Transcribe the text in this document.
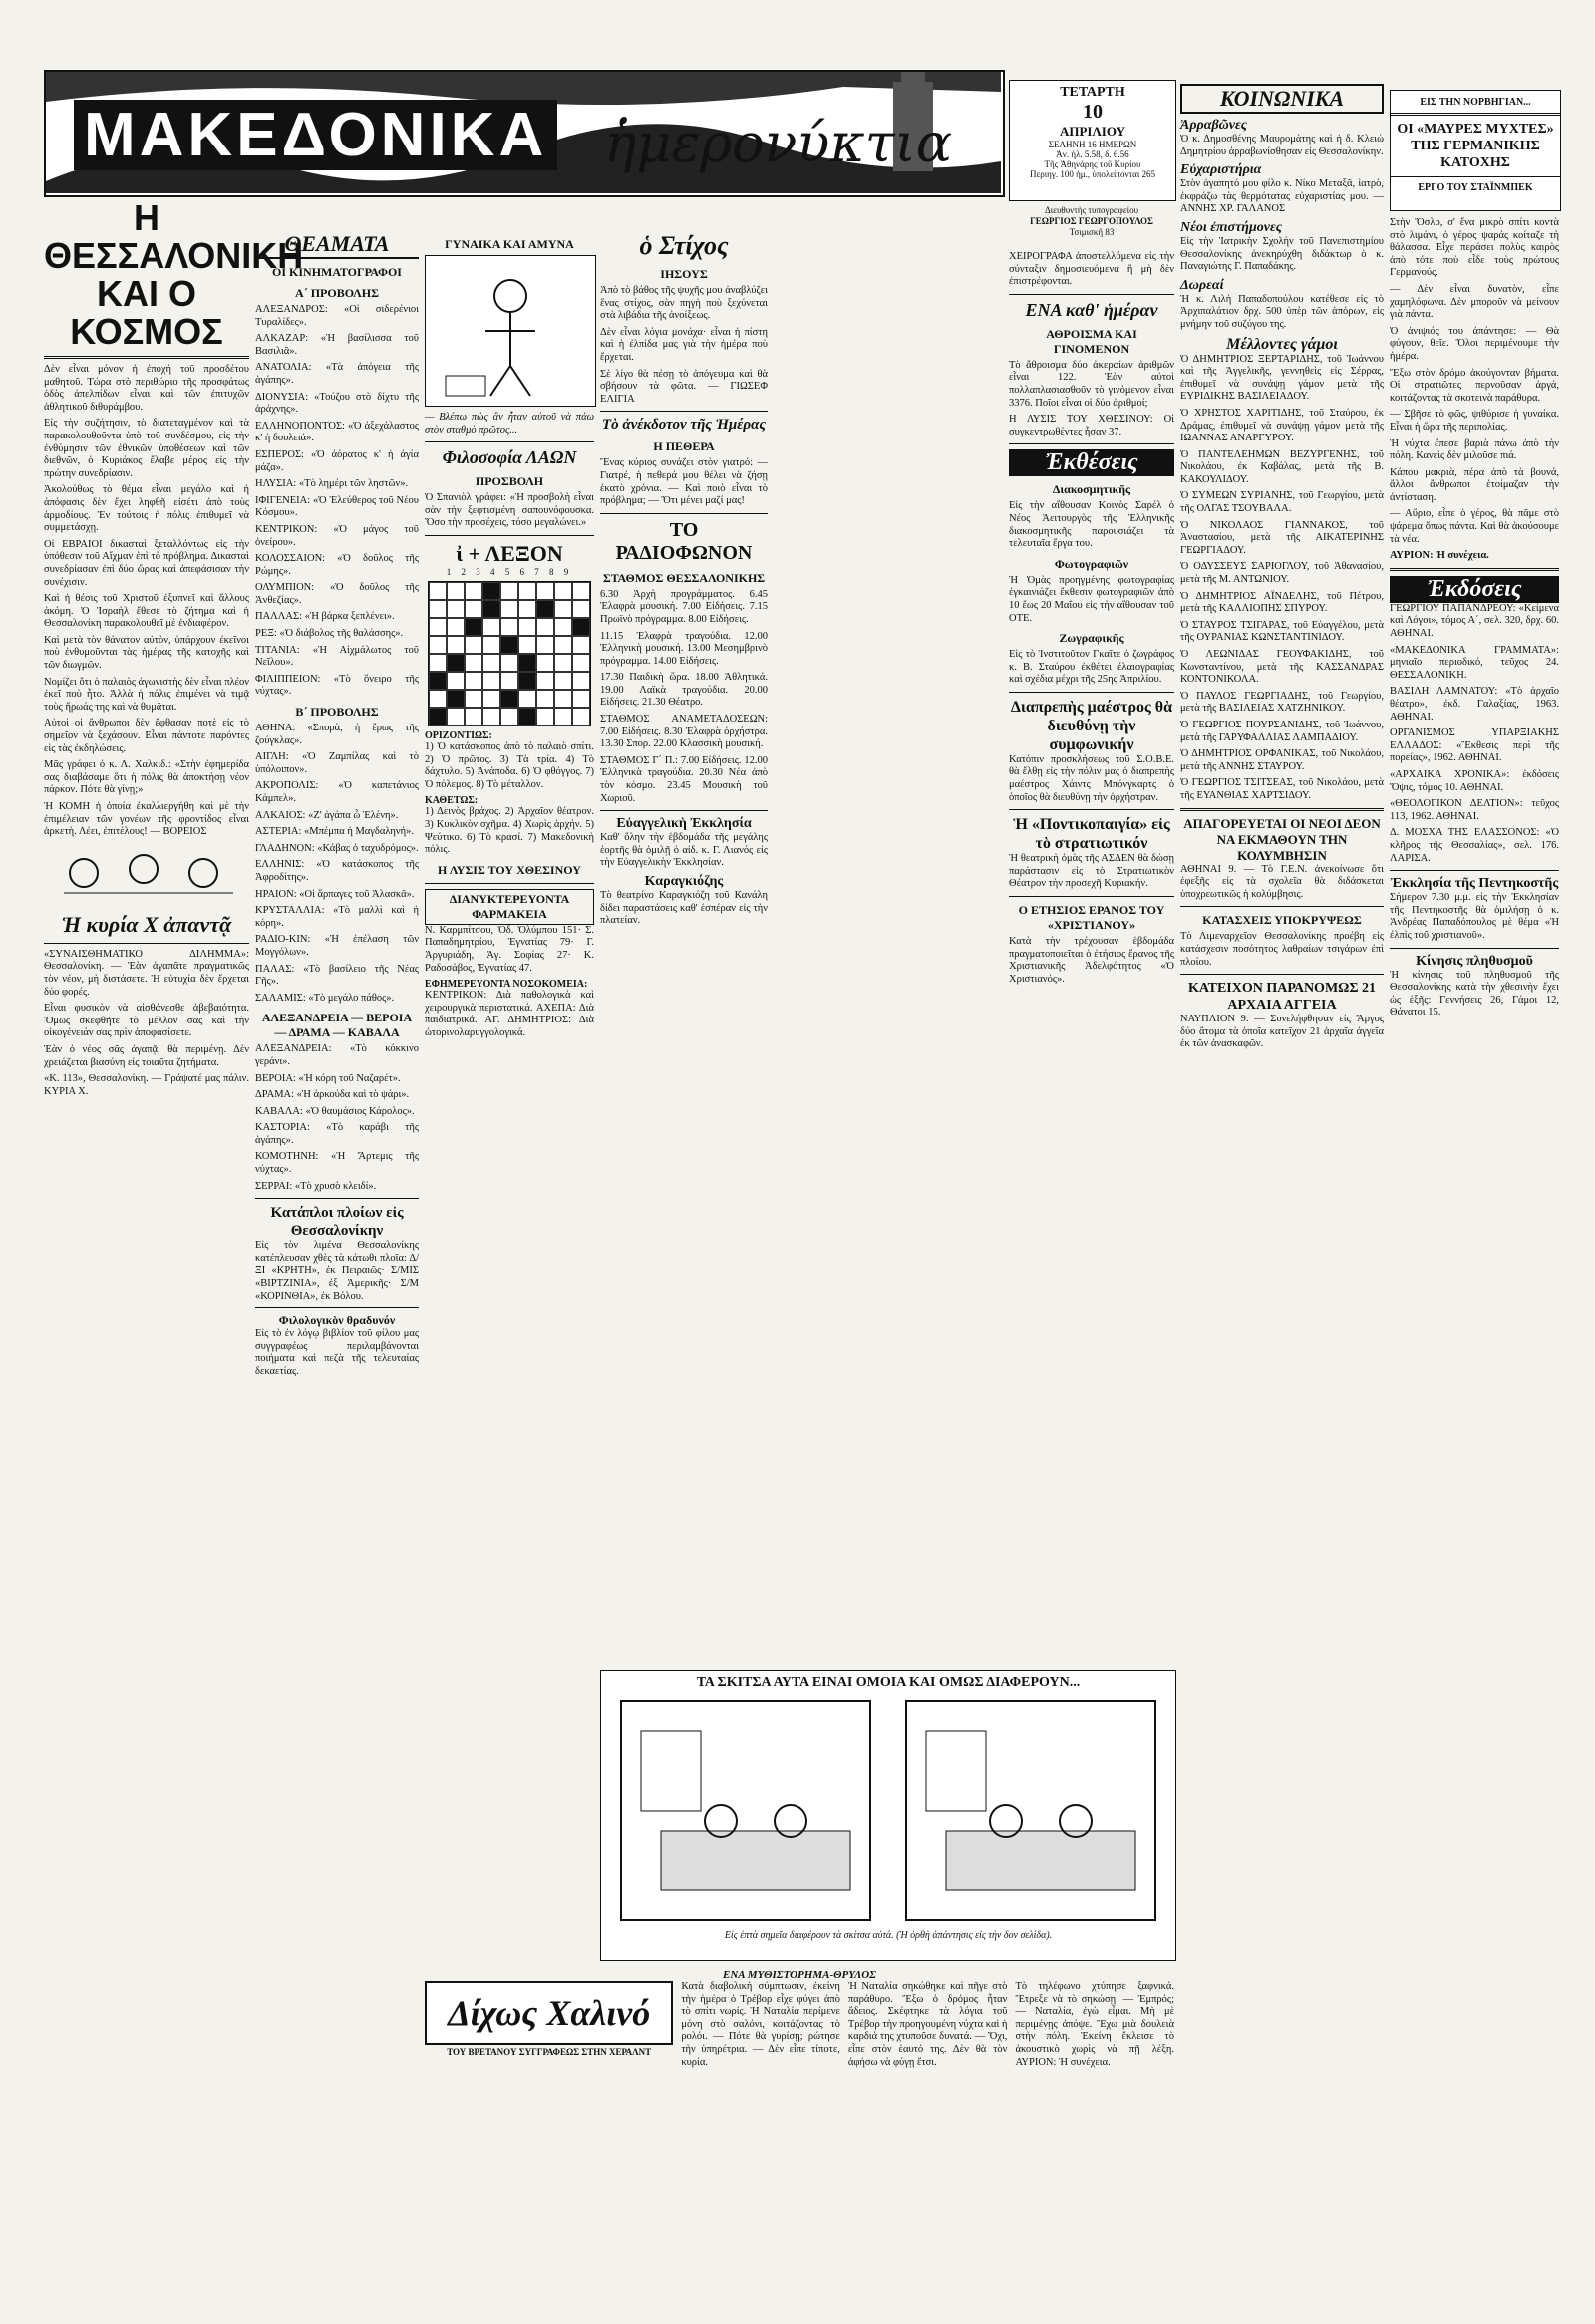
ΜΑΚΕΔΟΝΙΚΑ ἡμερονύκτια
ΤΕΤΑΡΤΗ
10
ΑΠΡΙΛΙΟΥ
ΣΕΛΗΝΗ 16 ΗΜΕΡΩΝ
Ἀν. ἡλ. 5.58, δ. 6.56
Τῆς Ἀθηνάρης τοῦ Κυρίου
Περιηγ. 100 ἡμ., ὑπολείπονται 265
Διευθυντὴς τυπογραφείου
ΓΕΩΡΓΙΟΣ ΓΕΩΡΓΟΠΟΥΛΟΣ
Τσιμισκῆ 83
ΕΙΣ ΤΗΝ ΝΟΡΒΗΓΙΑΝ...
ΟΙ «ΜΑΥΡΕΣ ΜΥΧΤΕΣ» ΤΗΣ ΓΕΡΜΑΝΙΚΗΣ ΚΑΤΟΧΗΣ
ΕΡΓΟ ΤΟΥ ΣΤΑΪΝΜΠΕΚ
Η ΘΕΣΣΑΛΟΝΙΚΗ ΚΑΙ Ο ΚΟΣΜΟΣ

Δὲν εἶναι μόνον ἡ ἐποχή τοῦ προσδέτου μαθητοῦ. Τώρα στὸ περιθώριο τῆς προσφάτως ὁδὸς ἀπελπίδων εἶναι καὶ τῶν ἐπιτυχῶν ἀθλητικοῦ διθυράμβου.

Εἰς τὴν συζήτησιν, τὸ διατεταγμένον καὶ τὰ παρακολουθοῦντα ὑπὸ τοῦ συνδέσμου, εἰς τὴν ἐνθύμησιν τῶν ἐθνικῶν ὑποθέσεων καὶ τῶν διεθνῶν, ὁ Κυριάκος ἔλαβε μέρος εἰς τὴν πρώτην συνεδρίασιν.

Ἀκολούθως τὸ θέμα εἶναι μεγάλο καὶ ἡ ἀπόφασις δὲν ἔχει ληφθῆ εἰσέτι ἀπὸ τοὺς ἁρμοδίους. Ἐν τούτοις ἡ πόλις ἐπιθυμεῖ νὰ συμμετάσχῃ.

Οἱ ΕΒΡΑΙΟΙ δικασταὶ ξεταλλόντως εἰς τὴν ὑπόθεσιν τοῦ Αἴχμαν ἐπὶ τὸ πρόβλημα. Δικασταὶ συνεδρίασαν ἐπὶ δύο ὥρας καὶ ἀπεφάσισαν τὴν συνέχισιν.

Καὶ ἡ θέσις τοῦ Χριστοῦ ἐξυπνεῖ καὶ ἄλλους ἀκόμη. Ὁ Ἰσραὴλ ἔθεσε τὸ ζήτημα καὶ ἡ Θεσσαλονίκη παρακολουθεῖ μὲ ἐνδιαφέρον.

Καὶ μετὰ τὸν θάνατον αὐτὸν, ὑπάρχουν ἐκεῖνοι ποὺ ἐνθυμοῦνται τὰς ἡμέρας τῆς κατοχῆς καὶ τῶν διωγμῶν.

Νομίζει ὅτι ὁ παλαιὸς ἀγωνιστὴς δὲν εἶναι πλέον ἐκεῖ ποὺ ἦτο. Ἀλλὰ ἡ πόλις ἐπιμένει νὰ τιμᾷ τοὺς ἥρωάς της καὶ νὰ θυμᾶται.

Αὐτοὶ οἱ ἄνθρωποι δὲν ἔφθασαν ποτὲ εἰς τὸ σημεῖον νὰ ξεχάσουν. Εἶναι πάντοτε παρόντες εἰς τὰς ἐκδηλώσεις.

Μᾶς γράφει ὁ κ. Λ. Χαλκιδ.: «Στὴν ἐφημερίδα σας διαβάσαμε ὅτι ἡ πόλις θὰ ἀποκτήσῃ νέον πάρκον. Πότε θὰ γίνῃ;»

Ἡ ΚΟΜΗ ἡ ὁποία ἐκαλλιεργήθη καὶ μὲ τὴν ἐπιμέλειαν τῶν γονέων τῆς φροντίδος εἶναι ἀρκετὴ. Λέει, ἐπιτέλους! — ΒΟΡΕΙΟΣ

Ἡ κυρία Χ ἀπαντᾷ

«ΣΥΝΑΙΣΘΗΜΑΤΙΚΟ ΔΙΛΗΜΜΑ»: Θεσσαλονίκη. — Ἐὰν ἀγαπᾶτε πραγματικῶς τὸν νέον, μὴ διστάσετε. Ἡ εὐτυχία δὲν ἔρχεται δύο φορές.

Εἶναι φυσικὸν νὰ αἰσθάνεσθε ἀβεβαιότητα. Ὅμως σκεφθῆτε τὸ μέλλον σας καὶ τὴν οἰκογένειάν σας πρὶν ἀποφασίσετε.

Ἐὰν ὁ νέος σᾶς ἀγαπᾷ, θὰ περιμένῃ. Δὲν χρειάζεται βιασύνη εἰς τοιαῦτα ζητήματα.

«Κ. 113», Θεσσαλονίκη. — Γράψατέ μας πάλιν. ΚΥΡΙΑ Χ.

ΘΕΑΜΑΤΑ
ΟΙ ΚΙΝΗΜΑΤΟΓΡΑΦΟΙ
Α΄ ΠΡΟΒΟΛΗΣ

ΑΛΕΞΑΝΔΡΟΣ: «Οἱ σιδερένιοι Τυραλίδες».

ΑΛΚΑΖΑΡ: «Ἡ βασίλισσα τοῦ Βασιλιᾶ».

ΑΝΑΤΟΛΙΑ: «Τὰ ἀπόγεια τῆς ἀγάπης».

ΔΙΟΝΥΣΙΑ: «Τούζου στὸ δίχτυ τῆς ἀράχνης».

ΕΛΛΗΝΟΠΟΝΤΟΣ: «Ὁ ἀξεχάλαστος κ' ἡ δουλειά».

ΕΣΠΕΡΟΣ: «Ὁ ἀόρατος κ' ἡ ἀγία μάζα».

ΗΛΥΣΙΑ: «Τὸ λημέρι τῶν ληστῶν».

ΙΦΙΓΕΝΕΙΑ: «Ὁ Ἐλεύθερος τοῦ Νέου Κόσμου».

ΚΕΝΤΡΙΚΟΝ: «Ὁ μάγος τοῦ ὀνείρου».

ΚΟΛΟΣΣΑΙΟΝ: «Ὁ δοῦλος τῆς Ρώμης».

ΟΛΥΜΠΙΟΝ: «Ὁ δοῦλος τῆς Ἀνθεζίας».

ΠΑΛΛΑΣ: «Ἡ βάρκα ξεπλένει».

ΡΕΞ: «Ὁ διάβολος τῆς θαλάσσης».

ΤΙΤΑΝΙΑ: «Ἡ Αἰχμάλωτος τοῦ Νεῖλου».

ΦΙΛΙΠΠΕΙΟΝ: «Τὸ ὄνειρο τῆς νύχτας».

Β΄ ΠΡΟΒΟΛΗΣ

ΑΘΗΝΑ: «Σπορὰ, ἡ ἔρως τῆς ζούγκλας».

ΑΙΓΛΗ: «Ὁ Ζαμπίλας καὶ τὸ ὑπόλοιπον».

ΑΚΡΟΠΟΛΙΣ: «Ὁ καπετάνιος Κάμπελ».

ΑΛΚΑΙΟΣ: «Ζ' ἀγάπα ὦ Ἐλένη».

ΑΣΤΕΡΙΑ: «Μπέμπα ἡ Μαγδαληνή».

ΓΛΑΔΗΝΟΝ: «Κάβας ὁ ταχυδρόμος».

ΕΛΛΗΝΙΣ: «Ὁ κατάσκοπος τῆς Ἀφροδίτης».

ΗΡΑΙΟΝ: «Οἱ ἅρπαγες τοῦ Ἀλασκᾶ».

ΚΡΥΣΤΑΛΛΙΑ: «Τὸ μαλλὶ καὶ ἡ κόρη».

ΡΑΔΙΟ-ΚΙΝ: «Ἡ ἐπέλαση τῶν Μογγόλων».

ΠΑΛΑΣ: «Τὸ βασίλειο τῆς Νέας Γῆς».

ΣΑΛΑΜΙΣ: «Τὸ μεγάλο πάθος».

ΑΛΕΞΑΝΔΡΕΙΑ — ΒΕΡΟΙΑ — ΔΡΑΜΑ — ΚΑΒΑΛΑ

ΑΛΕΞΑΝΔΡΕΙΑ: «Τὸ κόκκινο γεράνι».

ΒΕΡΟΙΑ: «Ἡ κόρη τοῦ Ναζαρέτ».

ΔΡΑΜΑ: «Ἡ ἀρκούδα καὶ τὸ ψάρι».

ΚΑΒΑΛΑ: «Ὁ θαυμάσιος Κάρολος».

ΚΑΣΤΟΡΙΑ: «Τὸ καράβι τῆς ἀγάπης».

ΚΟΜΟΤΗΝΗ: «Ἡ Ἄρτεμις τῆς νύχτας».

ΣΕΡΡΑΙ: «Τὸ χρυσὸ κλειδί».

Κατάπλοι πλοίων εἰς Θεσσαλονίκην

Εἰς τὸν λιμένα Θεσσαλονίκης κατέπλευσαν χθὲς τὰ κάτωθι πλοῖα: Δ/ΞΙ «ΚΡΗΤΗ», ἐκ Πειραιῶς· Σ/ΜΙΣ «ΒΙΡΤΖΙΝΙΑ», ἐξ Ἀμερικῆς· Σ/Μ «ΚΟΡΙΝΘΙΑ», ἐκ Βόλου.

Φιλολογικὸν θραδυνόν

Εἰς τὸ ἐν λόγῳ βιβλίον τοῦ φίλου μας συγγραφέως περιλαμβάνονται ποιήματα καὶ πεζὰ τῆς τελευταίας δεκαετίας.

ΓΥΝΑΙΚΑ ΚΑΙ ΑΜΥΝΑ

— Βλέπω πὼς ἂν ἦταν αὐτοῦ νὰ πάω στὸν σταθμὸ πρῶτος...

Φιλοσοφία ΛΑΩΝ
ΠΡΟΣΒΟΛΗ

Ὁ Σπανιὸλ γράφει: «Ἡ προσβολὴ εἶναι σὰν τὴν ξεφτισμένη σαπουνόφουσκα. Ὅσο τὴν προσέχεις, τόσο μεγαλώνει.»

ἰ + ΛΕΞΟΝ
1 2 3 4 5 6 7 8 9
ΟΡΙΖΟΝΤΙΩΣ:

1) Ὁ κατάσκοπος ἀπὸ τὸ παλαιὸ σπίτι. 2) Ὁ πρῶτος. 3) Τὰ τρία. 4) Τὸ δάχτυλο. 5) Ἀνάποδα. 6) Ὁ φθόγγος. 7) Ὁ πόλεμος. 8) Τὸ μέταλλον.

ΚΑΘΕΤΩΣ:

1) Δεινὸς βράχος. 2) Ἀρχαῖον θέατρον. 3) Κυκλικὸν σχῆμα. 4) Χωρὶς ἀρχήν. 5) Ψεύτικο. 6) Τὸ κρασί. 7) Μακεδονικὴ πόλις.

Η ΛΥΣΙΣ ΤΟΥ ΧΘΕΣΙΝΟΥ
ΔΙΑΝΥΚΤΕΡΕΥΟΝΤΑ ΦΑΡΜΑΚΕΙΑ

Ν. Καρμπίτσου, Ὁδ. Ὀλύμπου 151· Σ. Παπαδημητρίου, Ἐγνατίας 79· Γ. Ἀργυριάδη, Ἀγ. Σοφίας 27· Κ. Ραδοσάβος, Ἐγνατίας 47.

ΕΦΗΜΕΡΕΥΟΝΤΑ ΝΟΣΟΚΟΜΕΙΑ:

ΚΕΝΤΡΙΚΟΝ: Διὰ παθολογικὰ καὶ χειρουργικὰ περιστατικά. ΑΧΕΠΑ: Διὰ παιδιατρικά. ΑΓ. ΔΗΜΗΤΡΙΟΣ: Διὰ ὠτορινολαρυγγολογικά.

ὁ Στίχος
ΙΗΣΟΥΣ

Ἀπὸ τὸ βάθος τῆς ψυχῆς μου ἀναβλύζει ἕνας στίχος, σὰν πηγὴ ποὺ ξεχύνεται στὰ λιβάδια τῆς ἀνοίξεως.

Δὲν εἶναι λόγια μονάχα· εἶναι ἡ πίστη καὶ ἡ ἐλπίδα μας γιὰ τὴν ἡμέρα ποὺ ἔρχεται.

Σὲ λίγο θὰ πέσῃ τὸ ἀπόγευμα καὶ θὰ σβήσουν τὰ φῶτα. — ΓΙΩΣΕΦ ΕΛΙΓΙΑ

Τὸ ἀνέκδοτον τῆς Ἡμέρας
Η ΠΕΘΕΡΑ

Ἕνας κύριος συνάζει στὸν γιατρό: — Γιατρέ, ἡ πεθερά μου θέλει νὰ ζήσῃ ἑκατὸ χρόνια. — Καὶ ποιὸ εἶναι τὸ πρόβλημα; — Ὅτι μένει μαζί μας!

ΤΟ ΡΑΔΙΟΦΩΝΟΝ
ΣΤΑΘΜΟΣ ΘΕΣΣΑΛΟΝΙΚΗΣ

6.30 Ἀρχὴ προγράμματος. 6.45 Ἐλαφρὰ μουσική. 7.00 Εἰδήσεις. 7.15 Πρωϊνὸ πρόγραμμα. 8.00 Εἰδήσεις.

11.15 Ἐλαφρὰ τραγούδια. 12.00 Ἐλληνικὴ μουσική. 13.00 Μεσημβρινὸ πρόγραμμα. 14.00 Εἰδήσεις.

17.30 Παιδικὴ ὥρα. 18.00 Ἀθλητικά. 19.00 Λαϊκὰ τραγούδια. 20.00 Εἰδήσεις. 21.30 Θέατρο.

ΣΤΑΘΜΟΣ ΑΝΑΜΕΤΑΔΟΣΕΩΝ: 7.00 Εἰδήσεις. 8.30 Ἐλαφρὰ ὀρχήστρα. 13.30 Σπορ. 22.00 Κλασσικὴ μουσική.

ΣΤΑΘΜΟΣ Γ΄ Π.: 7.00 Εἰδήσεις. 12.00 Ἐλληνικὰ τραγούδια. 20.30 Νέα ἀπὸ τὸν κόσμο. 23.45 Μουσικὴ τοῦ Χωριοῦ.

Εὐαγγελικὴ Ἐκκλησία

Καθ' ὅλην τὴν ἑβδομάδα τῆς μεγάλης ἑορτῆς θὰ ὁμιλῇ ὁ αἰδ. κ. Γ. Λιανός εἰς τὴν Εὐαγγελικὴν Ἐκκλησίαν.

Καραγκιόζης

Τὸ θεατρίνο Καραγκιόζη τοῦ Κανάλη δίδει παραστάσεις καθ' ἑσπέραν εἰς τὴν πλατείαν.

ΧΕΙΡΟΓΡΑΦΑ ἀποστελλόμενα εἰς τὴν σύνταξιν δημοσιευόμενα ἢ μὴ δὲν ἐπιστρέφονται.

ΕΝΑ καθ' ἡμέραν
ΑΘΡΟΙΣΜΑ ΚΑΙ ΓΙΝΟΜΕΝΟΝ

Τὸ ἄθροισμα δύο ἀκεραίων ἀριθμῶν εἶναι 122. Ἐὰν αὐτοὶ πολλαπλασιασθοῦν τὸ γινόμενον εἶναι 3376. Ποῖοι εἶναι οἱ δύο ἀριθμοί;

Η ΛΥΣΙΣ ΤΟΥ ΧΘΕΣΙΝΟΥ: Οἱ συγκεντρωθέντες ἦσαν 37.

Ἐκθέσεις
Διακοσμητικῆς

Εἰς τὴν αἴθουσαν Κοινὸς Σαρέλ ὁ Νέος Ἀειτουργὸς τῆς Ἐλληνικῆς διακοσμητικῆς παρουσιάζει τὰ τελευταῖα ἔργα του.

Φωτογραφιῶν

Ἡ Ὁμὰς προηγμένης φωτογραφίας ἐγκαινιάζει ἔκθεσιν φωτογραφιῶν ἀπὸ 10 ἕως 20 Μαΐου εἰς τὴν αἴθουσαν τοῦ ΟΤΕ.

Ζωγραφικῆς

Εἰς τὸ Ἱνστιτοῦτον Γκαῖτε ὁ ζωγράφος κ. Β. Σταύρου ἐκθέτει ἐλαιογραφίας καὶ σχέδια μέχρι τῆς 25ης Ἀπριλίου.

Διαπρεπὴς μαέστρος θὰ διευθύνῃ τὴν συμφωνικήν

Κατόπιν προσκλήσεως τοῦ Σ.Ο.Β.Ε. θὰ ἔλθῃ εἰς τὴν πόλιν μας ὁ διαπρεπὴς μαέστρος Χάιντς Μπόνγκαρτς ὁ ὁποῖος θὰ διευθύνῃ τὴν ὀρχήστραν.

Ἡ «Ποντικοπαιγία» εἰς τὸ στρατιωτικόν

Ἡ θεατρικὴ ὁμὰς τῆς ΑΣΔΕΝ θὰ δώσῃ παράστασιν εἰς τὸ Στρατιωτικὸν Θέατρον τὴν προσεχῆ Κυριακήν.

Ο ΕΤΗΣΙΟΣ ΕΡΑΝΟΣ ΤΟΥ «ΧΡΙΣΤΙΑΝΟΥ»

Κατὰ τὴν τρέχουσαν ἑβδομάδα πραγματοποιεῖται ὁ ἐτήσιος ἔρανος τῆς Χριστιανικῆς Ἀδελφότητος «Ὁ Χριστιανός».

ΚΟΙΝΩΝΙΚΑ
Ἀρραβῶνες

Ὁ κ. Δημοσθένης Μαυρομάτης καὶ ἡ δ. Κλειώ Δημητρίου ἀρραβωνίσθησαν εἰς Θεσσαλονίκην.

Εὐχαριστήρια

Στὸν ἀγαπητό μου φίλο κ. Νίκο Μεταξᾶ, ἰατρὸ, ἐκφράζω τὰς θερμότατας εὐχαριστίας μου. — ΑΝΝΗΣ ΧΡ. ΓΑΛΑΝΟΣ

Νέοι ἐπιστήμονες

Εἰς τὴν Ἰατρικὴν Σχολὴν τοῦ Πανεπιστημίου Θεσσαλονίκης ἀνεκηρύχθη διδάκτωρ ὁ κ. Παναγιώτης Γ. Παπαδάκης.

Δωρεαί

Ἡ κ. Λιλὴ Παπαδοπούλου κατέθεσε εἰς τὸ Ἀρχιπαλάτιον δρχ. 500 ὑπὲρ τῶν ἀπόρων, εἰς μνήμην τοῦ συζύγου της.

Μέλλοντες γάμοι

Ὁ ΔΗΜΗΤΡΙΟΣ ΞΕΡΤΑΡΙΔΗΣ, τοῦ Ἰωάννου καὶ τῆς Ἀγγελικῆς, γεννηθεὶς εἰς Σέρρας, ἐπιθυμεῖ νὰ συνάψῃ γάμον μετὰ τῆς ΕΥΡΙΔΙΚΗΣ ΒΑΣΙΛΕΙΑΔΟΥ.

Ὁ ΧΡΗΣΤΟΣ ΧΑΡΙΤΙΔΗΣ, τοῦ Σταύρου, ἐκ Δράμας, ἐπιθυμεῖ νὰ συνάψῃ γάμον μετὰ τῆς ΙΩΑΝΝΑΣ ΑΝΑΡΓΥΡΟΥ.

Ὁ ΠΑΝΤΕΛΕΗΜΩΝ ΒΕΖΥΡΓΕΝΗΣ, τοῦ Νικολάου, ἐκ Καβάλας, μετὰ τῆς Β. ΚΑΚΟΥΛΙΔΟΥ.

Ὁ ΣΥΜΕΩΝ ΣΥΡΙΑΝΗΣ, τοῦ Γεωργίου, μετὰ τῆς ΟΛΓΑΣ ΤΣΟΥΒΑΛΑ.

Ὁ ΝΙΚΟΛΑΟΣ ΓΙΑΝΝΑΚΟΣ, τοῦ Ἀναστασίου, μετὰ τῆς ΑΙΚΑΤΕΡΙΝΗΣ ΓΕΩΡΓΙΑΔΟΥ.

Ὁ ΟΔΥΣΣΕΥΣ ΣΑΡΙΟΓΛΟΥ, τοῦ Ἀθανασίου, μετὰ τῆς Μ. ΑΝΤΩΝΙΟΥ.

Ὁ ΔΗΜΗΤΡΙΟΣ ΑΪΝΔΕΛΗΣ, τοῦ Πέτρου, μετὰ τῆς ΚΑΛΛΙΟΠΗΣ ΣΠΥΡΟΥ.

Ὁ ΣΤΑΥΡΟΣ ΤΣΙΓΑΡΑΣ, τοῦ Εὐαγγέλου, μετὰ τῆς ΟΥΡΑΝΙΑΣ ΚΩΝΣΤΑΝΤΙΝΙΔΟΥ.

Ὁ ΛΕΩΝΙΔΑΣ ΓΕΟΥΦΑΚΙΔΗΣ, τοῦ Κωνσταντίνου, μετὰ τῆς ΚΑΣΣΑΝΔΡΑΣ ΚΟΝΤΟΝΙΚΟΛΑ.

Ὁ ΠΑΥΛΟΣ ΓΕΩΡΓΙΑΔΗΣ, τοῦ Γεωργίου, μετὰ τῆς ΒΑΣΙΛΕΙΑΣ ΧΑΤΖΗΝΙΚΟΥ.

Ὁ ΓΕΩΡΓΙΟΣ ΠΟΥΡΣΑΝΙΔΗΣ, τοῦ Ἰωάννου, μετὰ τῆς ΓΑΡΥΦΑΛΛΙΑΣ ΛΑΜΠΑΔΙΟΥ.

Ὁ ΔΗΜΗΤΡΙΟΣ ΟΡΦΑΝΙΚΑΣ, τοῦ Νικολάου, μετὰ τῆς ΑΝΝΗΣ ΣΤΑΥΡΟΥ.

Ὁ ΓΕΩΡΓΙΟΣ ΤΣΙΤΣΕΑΣ, τοῦ Νικολάου, μετὰ τῆς ΕΥΑΝΘΙΑΣ ΧΑΡΤΣΙΔΟΥ.

ΑΠΑΓΟΡΕΥΕΤΑΙ ΟΙ ΝΕΟΙ ΔΕΟΝ ΝΑ ΕΚΜΑΘΟΥΝ ΤΗΝ ΚΟΛΥΜΒΗΣΙΝ

ΑΘΗΝΑΙ 9. — Τὸ Γ.Ε.Ν. ἀνεκοίνωσε ὅτι ἐφεξῆς εἰς τὰ σχολεῖα θὰ διδάσκεται ὑποχρεωτικῶς ἡ κολύμβησις.

ΚΑΤΑΣΧΕΙΣ ΥΠΟΚΡΥΨΕΩΣ

Τὸ Λιμεναρχεῖον Θεσσαλονίκης προέβη εἰς κατάσχεσιν ποσότητος λαθραίων τσιγάρων ἐπὶ πλοίου.

ΚΑΤΕΙΧΟΝ ΠΑΡΑΝΟΜΩΣ 21 ΑΡΧΑΙΑ ΑΓΓΕΙΑ

ΝΑΥΠΛΙΟΝ 9. — Συνελήφθησαν εἰς Ἄργος δύο ἄτομα τὰ ὁποῖα κατεῖχον 21 ἀρχαῖα ἀγγεῖα ἐκ τῶν ἀνασκαφῶν.

Στὴν Ὄσλο, σ' ἕνα μικρὸ σπίτι κοντὰ στὸ λιμάνι, ὁ γέρος ψαράς κοίταζε τὴ θάλασσα. Εἶχε περάσει πολὺς καιρὸς ἀπὸ τότε ποὺ εἶδε τοὺς πρώτους Γερμανούς.

— Δὲν εἶναι δυνατὸν, εἶπε χαμηλόφωνα. Δὲν μποροῦν νὰ μείνουν γιὰ πάντα.

Ὁ ἀνιψιός του ἀπάντησε: — Θὰ φύγουν, θεῖε. Ὅλοι περιμένουμε τὴν ἡμέρα.

Ἔξω στὸν δρόμο ἀκούγονταν βήματα. Οἱ στρατιῶτες περνοῦσαν ἀργά, κοιτάζοντας τὰ σκοτεινὰ παράθυρα.

— Σβῆσε τὸ φῶς, ψιθύρισε ἡ γυναίκα. Εἶναι ἡ ὥρα τῆς περιπολίας.

Ἡ νύχτα ἔπεσε βαριὰ πάνω ἀπὸ τὴν πόλη. Κανεὶς δὲν μιλοῦσε πιά.

Κάπου μακριὰ, πέρα ἀπὸ τὰ βουνά, ἄλλοι ἄνθρωποι ἑτοίμαζαν τὴν ἀντίσταση.

— Αὔριο, εἶπε ὁ γέρος, θὰ πᾶμε στὸ ψάρεμα ὅπως πάντα. Καὶ θὰ ἀκούσουμε τὰ νέα.

ΑΥΡΙΟΝ: Ἡ συνέχεια.

Ἐκδόσεις

ΓΕΩΡΓΙΟΥ ΠΑΠΑΝΔΡΕΟΥ: «Κείμενα καὶ Λόγοι», τόμος Α΄, σελ. 320, δρχ. 60. ΑΘΗΝΑΙ.

«ΜΑΚΕΔΟΝΙΚΑ ΓΡΑΜΜΑΤΑ»: μηνιαῖο περιοδικό, τεῦχος 24. ΘΕΣΣΑΛΟΝΙΚΗ.

ΒΑΣΙΛΗ ΛΑΜΝΑΤΟΥ: «Τὸ ἀρχαῖο θέατρο», ἐκδ. Γαλαξίας, 1963. ΑΘΗΝΑΙ.

ΟΡΓΑΝΙΣΜΟΣ ΥΠΑΡΞΙΑΚΗΣ ΕΛΛΑΔΟΣ: «Ἔκθεσις περὶ τῆς πορείας», 1962. ΑΘΗΝΑΙ.

«ΑΡΧΑΙΚΑ ΧΡΟΝΙΚΑ»: ἐκδόσεις Ὄψις, τόμος 10. ΑΘΗΝΑΙ.

«ΘΕΟΛΟΓΙΚΟΝ ΔΕΛΤΙΟΝ»: τεῦχος 113, 1962. ΑΘΗΝΑΙ.

Δ. ΜΟΣΧΑ ΤΗΣ ΕΛΑΣΣΟΝΟΣ: «Ὁ κλῆρος τῆς Θεσσαλίας», σελ. 176. ΛΑΡΙΣΑ.

Ἐκκλησία τῆς Πεντηκοστῆς

Σήμερον 7.30 μ.μ. εἰς τὴν Ἐκκλησίαν τῆς Πεντηκοστῆς θὰ ὁμιλήσῃ ὁ κ. Ἀνδρέας Παπαδόπουλος μὲ θέμα «Ἡ ἐλπὶς τοῦ χριστιανοῦ».

Κίνησις πληθυσμοῦ

Ἡ κίνησις τοῦ πληθυσμοῦ τῆς Θεσσαλονίκης κατὰ τὴν χθεσινὴν ἔχει ὡς ἑξῆς: Γεννήσεις 26, Γάμοι 12, Θάνατοι 15.

ΤΑ ΣΚΙΤΣΑ ΑΥΤΑ ΕΙΝΑΙ ΟΜΟΙΑ ΚΑΙ ΟΜΩΣ ΔΙΑΦΕΡΟΥΝ...
Εἰς ἑπτὰ σημεῖα διαφέρουν τὰ σκίτσα αὐτά. (Ἡ ὀρθὴ ἀπάντησις εἰς τὴν δον σελίδα).
ΕΝΑ ΜΥΘΙΣΤΟΡΗΜΑ-ΘΡΥΛΟΣ
Δίχως Χαλινό
ΤΟΥ ΒΡΕΤΑΝΟΥ ΣΥΓΓΡΑΦΕΩΣ ΣΤΗΝ ΧΕΡΑΛΝΤ

Κατὰ διαβολικὴ σύμπτωσιν, ἐκείνη τὴν ἡμέρα ὁ Τρέβορ εἶχε φύγει ἀπὸ τὸ σπίτι νωρίς. Ἡ Ναταλία περίμενε μόνη στὸ σαλόνι, κοιτάζοντας τὸ ρολόι. — Πότε θὰ γυρίσῃ; ρώτησε τὴν ὑπηρέτρια. — Δὲν εἶπε τίποτε, κυρία.

Ἡ Ναταλία σηκώθηκε καὶ πῆγε στὸ παράθυρο. Ἔξω ὁ δρόμος ἦταν ἄδειος. Σκέφτηκε τὰ λόγια τοῦ Τρέβορ τὴν προηγουμένη νύχτα καὶ ἡ καρδιά της χτυποῦσε δυνατά. — Ὄχι, εἶπε στὸν ἑαυτό της. Δὲν θὰ τὸν ἀφήσω νὰ φύγῃ ἔτσι.

Τὸ τηλέφωνο χτύπησε ξαφνικά. Ἔτρεξε νὰ τὸ σηκώσῃ. — Ἐμπρός; — Ναταλία, ἐγὼ εἶμαι. Μὴ μὲ περιμένῃς ἀπόψε. Ἔχω μιὰ δουλειὰ στὴν πόλη. Ἐκείνη ἔκλεισε τὸ ἀκουστικὸ χωρὶς νὰ πῇ λέξη. ΑΥΡΙΟΝ: Ἡ συνέχεια.
